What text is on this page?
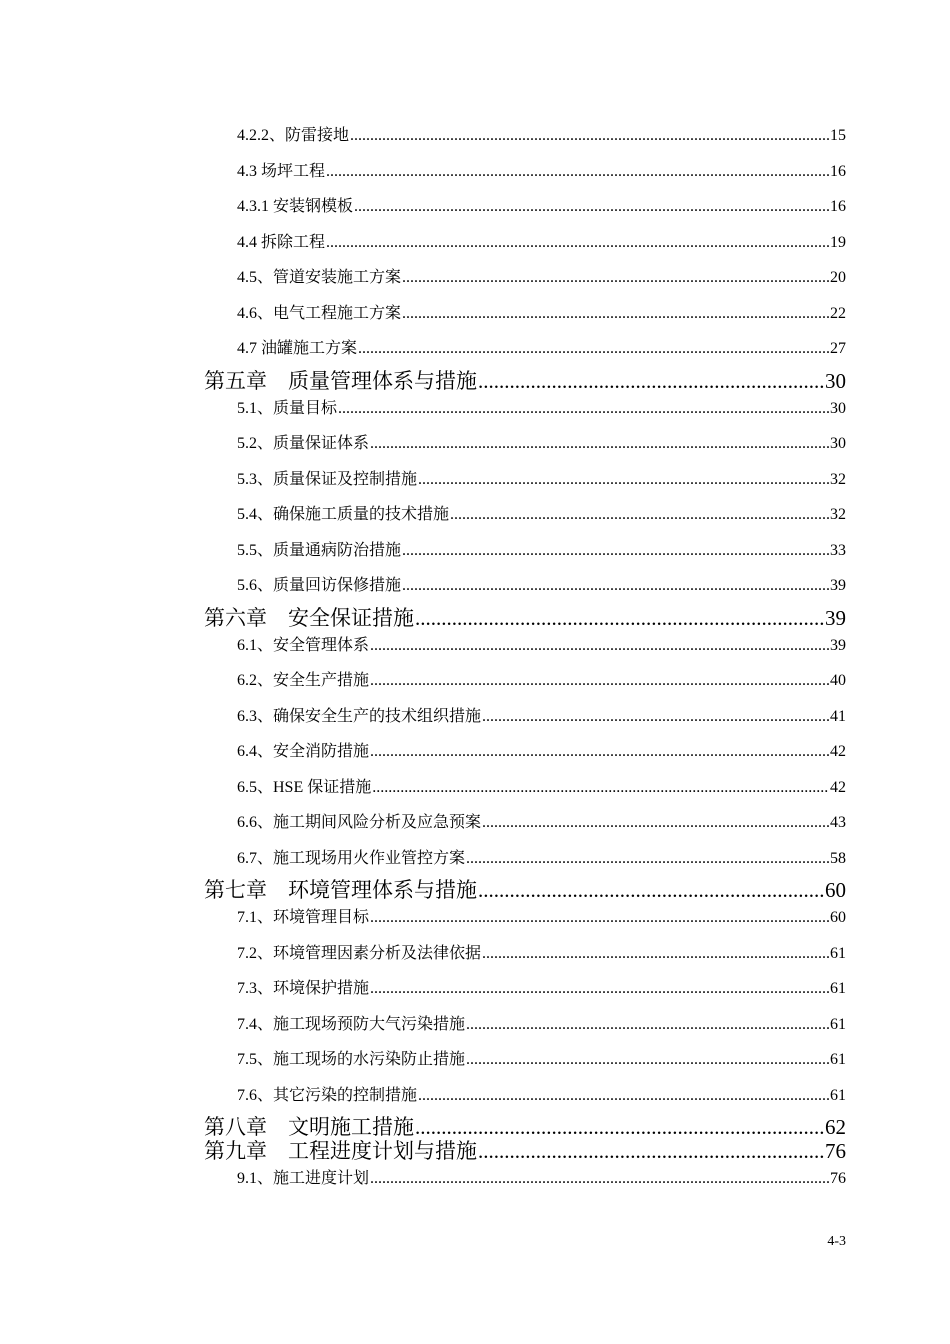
4.2.2、防雷接地 .....	15
4.3 场坪工程 .....	16
4.3.1 安装钢模板 .....	16
4.4 拆除工程 .....	19
4.5、管道安装施工方案 .....	20
4.6、电气工程施工方案 .....	22
4.7 油罐施工方案 .....	27
第五章　质量管理体系与措施 .....	30
5.1、质量目标 .....	30
5.2、质量保证体系 .....	30
5.3、质量保证及控制措施 .....	32
5.4、确保施工质量的技术措施 .....	32
5.5、质量通病防治措施 .....	33
5.6、质量回访保修措施 .....	39
第六章　安全保证措施 .....	39
6.1、安全管理体系 .....	39
6.2、安全生产措施 .....	40
6.3、确保安全生产的技术组织措施 .....	41
6.4、安全消防措施 .....	42
6.5、HSE 保证措施 .....	42
6.6、施工期间风险分析及应急预案 .....	43
6.7、施工现场用火作业管控方案 .....	58
第七章　环境管理体系与措施 .....	60
7.1、环境管理目标 .....	60
7.2、环境管理因素分析及法律依据 .....	61
7.3、环境保护措施 .....	61
7.4、施工现场预防大气污染措施 .....	61
7.5、施工现场的水污染防止措施 .....	61
7.6、其它污染的控制措施 .....	61
第八章　文明施工措施 .....	62
第九章　工程进度计划与措施 .....	76
9.1、施工进度计划 .....	76
4-3
